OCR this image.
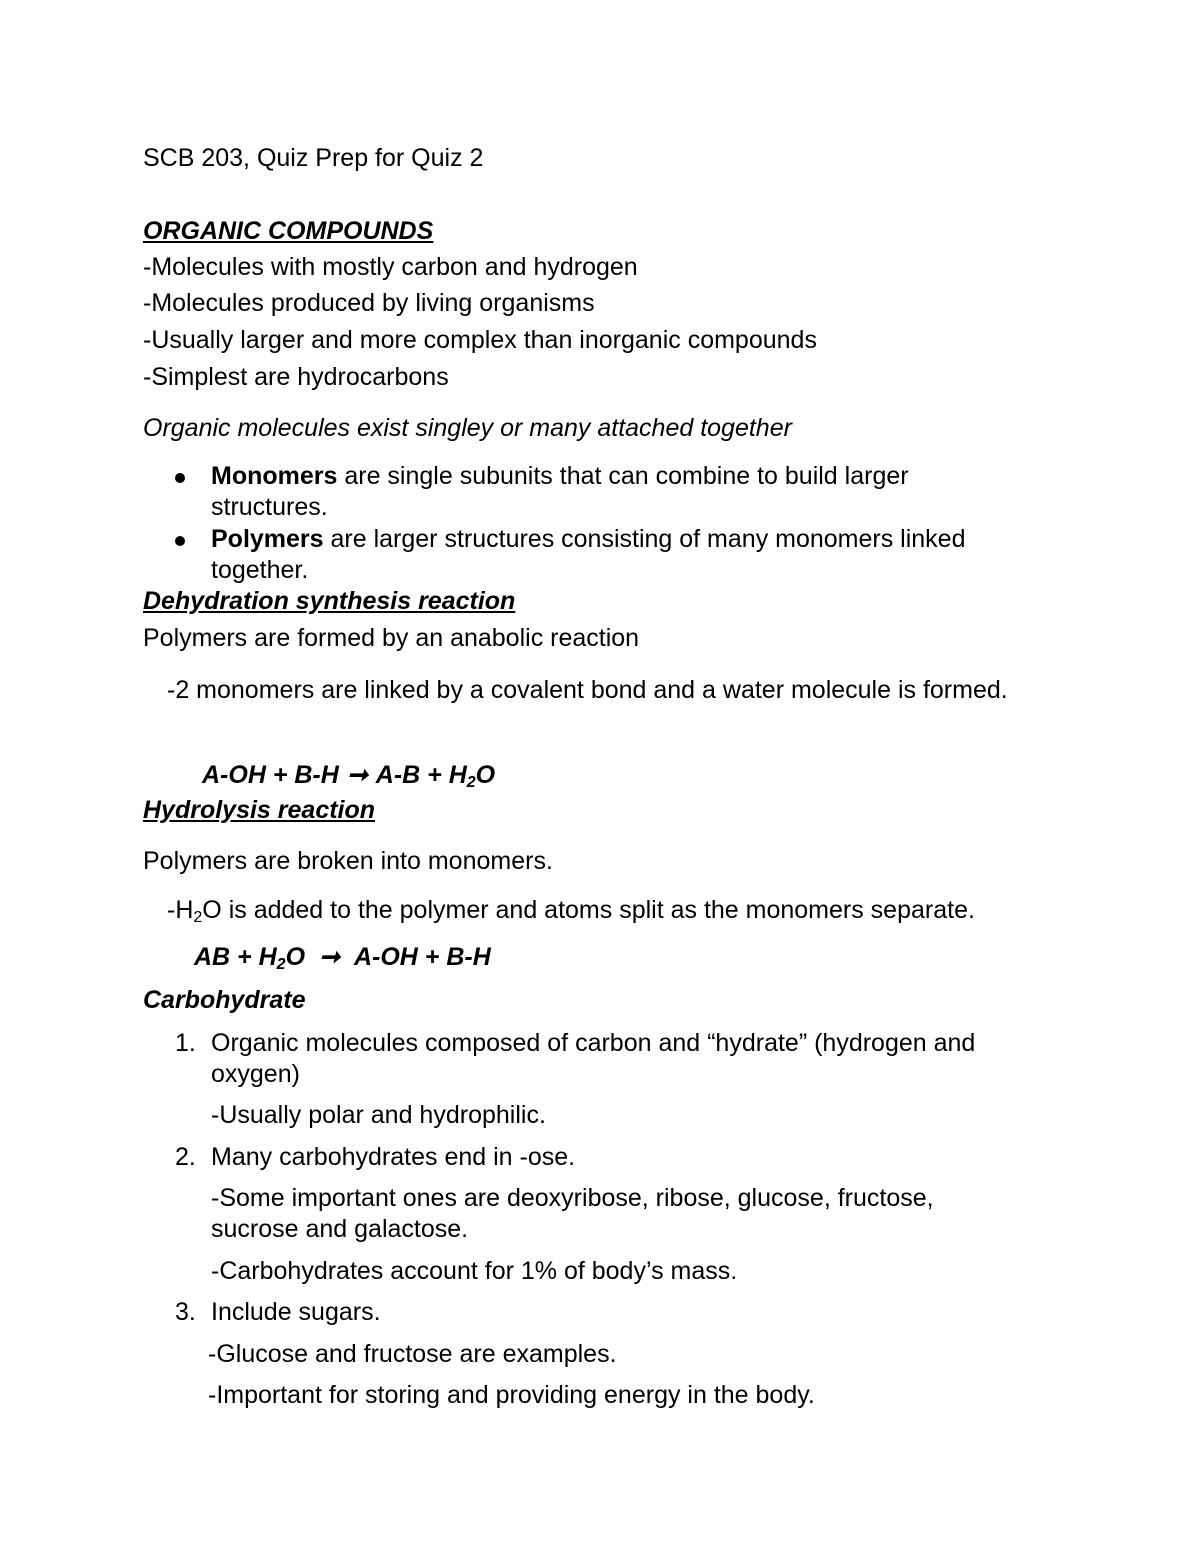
SCB 203, Quiz Prep for Quiz 2
ORGANIC COMPOUNDS
-Molecules with mostly carbon and hydrogen
-Molecules produced by living organisms
-Usually larger and more complex than inorganic compounds
-Simplest are hydrocarbons
Organic molecules exist singley or many attached together
Monomers are single subunits that can combine to build larger
structures.
Polymers are larger structures consisting of many monomers linked
together.
Dehydration synthesis reaction
Polymers are formed by an anabolic reaction
-2 monomers are linked by a covalent bond and a water molecule is formed.
A-OH + B-H ➞ $A-B + H_2O$
Hydrolysis reaction
Polymers are broken into monomers.
$-H_2O$ is added to the polymer and atoms split as the monomers separate.
AB + $H_2O$ ➞ A-OH + B-H
Carbohydrate
1. Organic molecules composed of carbon and “hydrate” (hydrogen and
oxygen)
-Usually polar and hydrophilic.
2. Many carbohydrates end in -ose.
-Some important ones are deoxyribose, ribose, glucose, fructose,
sucrose and galactose.
-Carbohydrates account for 1% of body’s mass.
3. Include sugars.
-Glucose and fructose are examples.
-Important for storing and providing energy in the body.
